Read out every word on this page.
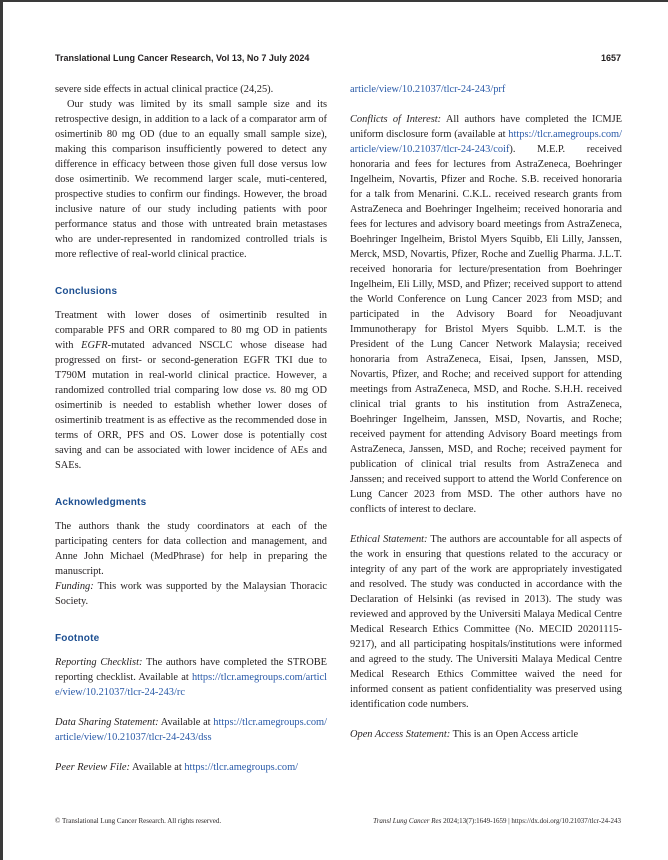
Translational Lung Cancer Research, Vol 13, No 7 July 2024	1657

severe side effects in actual clinical practice (24,25).

Our study was limited by its small sample size and its retrospective design, in addition to a lack of a comparator arm of osimertinib 80 mg OD (due to an equally small sample size), making this comparison insufficiently powered to detect any difference in efficacy between those given full dose versus low dose osimertinib. We recommend larger scale, muti-centered, prospective studies to confirm our findings. However, the broad inclusive nature of our study including patients with poor performance status and those with untreated brain metastases who are under-represented in randomized controlled trials is more reflective of real-world clinical practice.

Conclusions

Treatment with lower doses of osimertinib resulted in comparable PFS and ORR compared to 80 mg OD in patients with EGFR-mutated advanced NSCLC whose disease had progressed on first- or second-generation EGFR TKI due to T790M mutation in real-world clinical practice. However, a randomized controlled trial comparing low dose vs. 80 mg OD osimertinib is needed to establish whether lower doses of osimertinib treatment is as effective as the recommended dose in terms of ORR, PFS and OS. Lower dose is potentially cost saving and can be associated with lower incidence of AEs and SAEs.

Acknowledgments

The authors thank the study coordinators at each of the participating centers for data collection and management, and Anne John Michael (MedPhrase) for help in preparing the manuscript.

Funding: This work was supported by the Malaysian Thoracic Society.

Footnote

Reporting Checklist: The authors have completed the STROBE reporting checklist. Available at https://tlcr.amegroups.com/article/view/10.21037/tlcr-24-243/rc

Data Sharing Statement: Available at https://tlcr.amegroups.com/article/view/10.21037/tlcr-24-243/dss

Peer Review File: Available at https://tlcr.amegroups.com/

article/view/10.21037/tlcr-24-243/prf

Conflicts of Interest: All authors have completed the ICMJE uniform disclosure form (available at https://tlcr.amegroups.com/article/view/10.21037/tlcr-24-243/coif). M.E.P. received honoraria and fees for lectures from AstraZeneca, Boehringer Ingelheim, Novartis, Pfizer and Roche. S.B. received honoraria for a talk from Menarini. C.K.L. received research grants from AstraZeneca and Boehringer Ingelheim; received honoraria and fees for lectures and advisory board meetings from AstraZeneca, Boehringer Ingelheim, Bristol Myers Squibb, Eli Lilly, Janssen, Merck, MSD, Novartis, Pfizer, Roche and Zuellig Pharma. J.L.T. received honoraria for lecture/presentation from Boehringer Ingelheim, Eli Lilly, MSD, and Pfizer; received support to attend the World Conference on Lung Cancer 2023 from MSD; and participated in the Advisory Board for Neoadjuvant Immunotherapy for Bristol Myers Squibb. L.M.T. is the President of the Lung Cancer Network Malaysia; received honoraria from AstraZeneca, Eisai, Ipsen, Janssen, MSD, Novartis, Pfizer, and Roche; and received support for attending meetings from AstraZeneca, MSD, and Roche. S.H.H. received clinical trial grants to his institution from AstraZeneca, Boehringer Ingelheim, Janssen, MSD, Novartis, and Roche; received payment for attending Advisory Board meetings from AstraZeneca, Janssen, MSD, and Roche; received payment for publication of clinical trial results from AstraZeneca and Janssen; and received support to attend the World Conference on Lung Cancer 2023 from MSD. The other authors have no conflicts of interest to declare.

Ethical Statement: The authors are accountable for all aspects of the work in ensuring that questions related to the accuracy or integrity of any part of the work are appropriately investigated and resolved. The study was conducted in accordance with the Declaration of Helsinki (as revised in 2013). The study was reviewed and approved by the Universiti Malaya Medical Centre Medical Research Ethics Committee (No. MECID 20201115-9217), and all participating hospitals/institutions were informed and agreed to the study. The Universiti Malaya Medical Centre Medical Research Ethics Committee waived the need for informed consent as patient confidentiality was preserved using identification code numbers.

Open Access Statement: This is an Open Access article

© Translational Lung Cancer Research. All rights reserved.	Transl Lung Cancer Res 2024;13(7):1649-1659 | https://dx.doi.org/10.21037/tlcr-24-243
